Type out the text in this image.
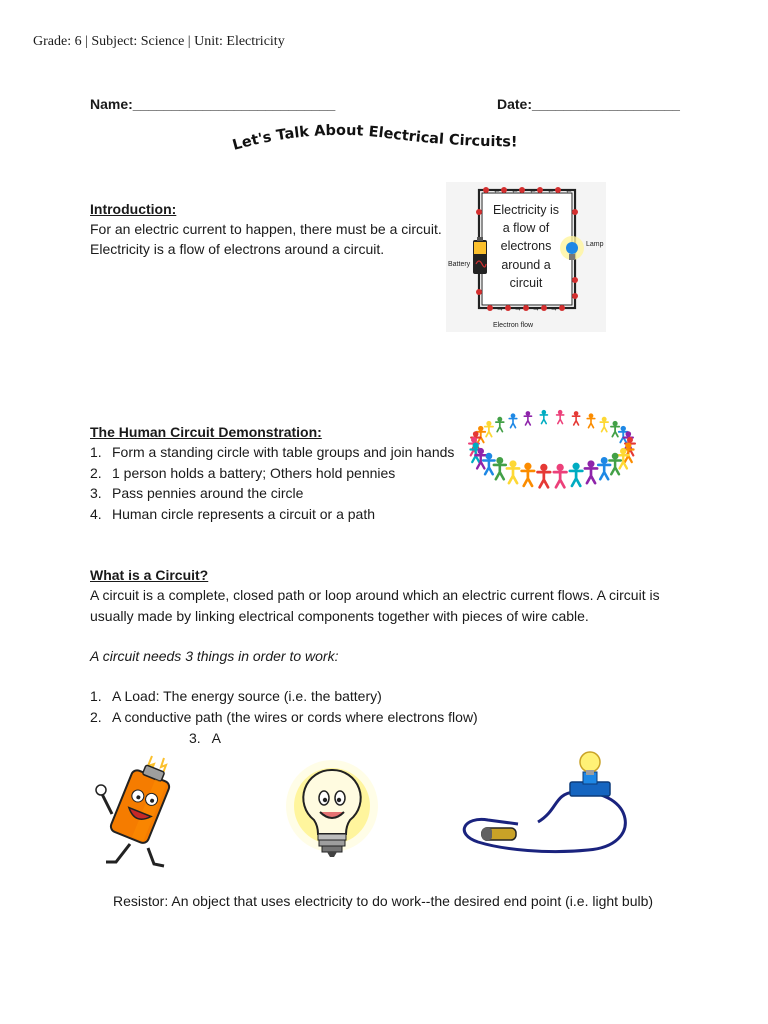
Grade: 6 | Subject: Science | Unit: Electricity
Name:__________________________	Date:___________________
Let's Talk About Electrical Circuits!
Introduction:
For an electric current to happen, there must be a circuit.
Electricity is a flow of electrons around a circuit.
← ← ← ← ←
→ → → →
Electricity is
a flow of
electrons
around a
circuit
Battery
Lamp
Electron flow
The Human Circuit Demonstration:
1. Form a standing circle with table groups and join hands
2. 1 person holds a battery; Others hold pennies
3. Pass pennies around the circle
4. Human circle represents a circuit or a path
What is a Circuit?
A circuit is a complete, closed path or loop around which an electric current flows. A circuit is
usually made by linking electrical components together with pieces of wire cable.
A circuit needs 3 things in order to work:
1. A Load: The energy source (i.e. the battery)
2. A conductive path (the wires or cords where electrons flow)
3. A
Resistor: An object that uses electricity to do work--the desired end point (i.e. light bulb)
